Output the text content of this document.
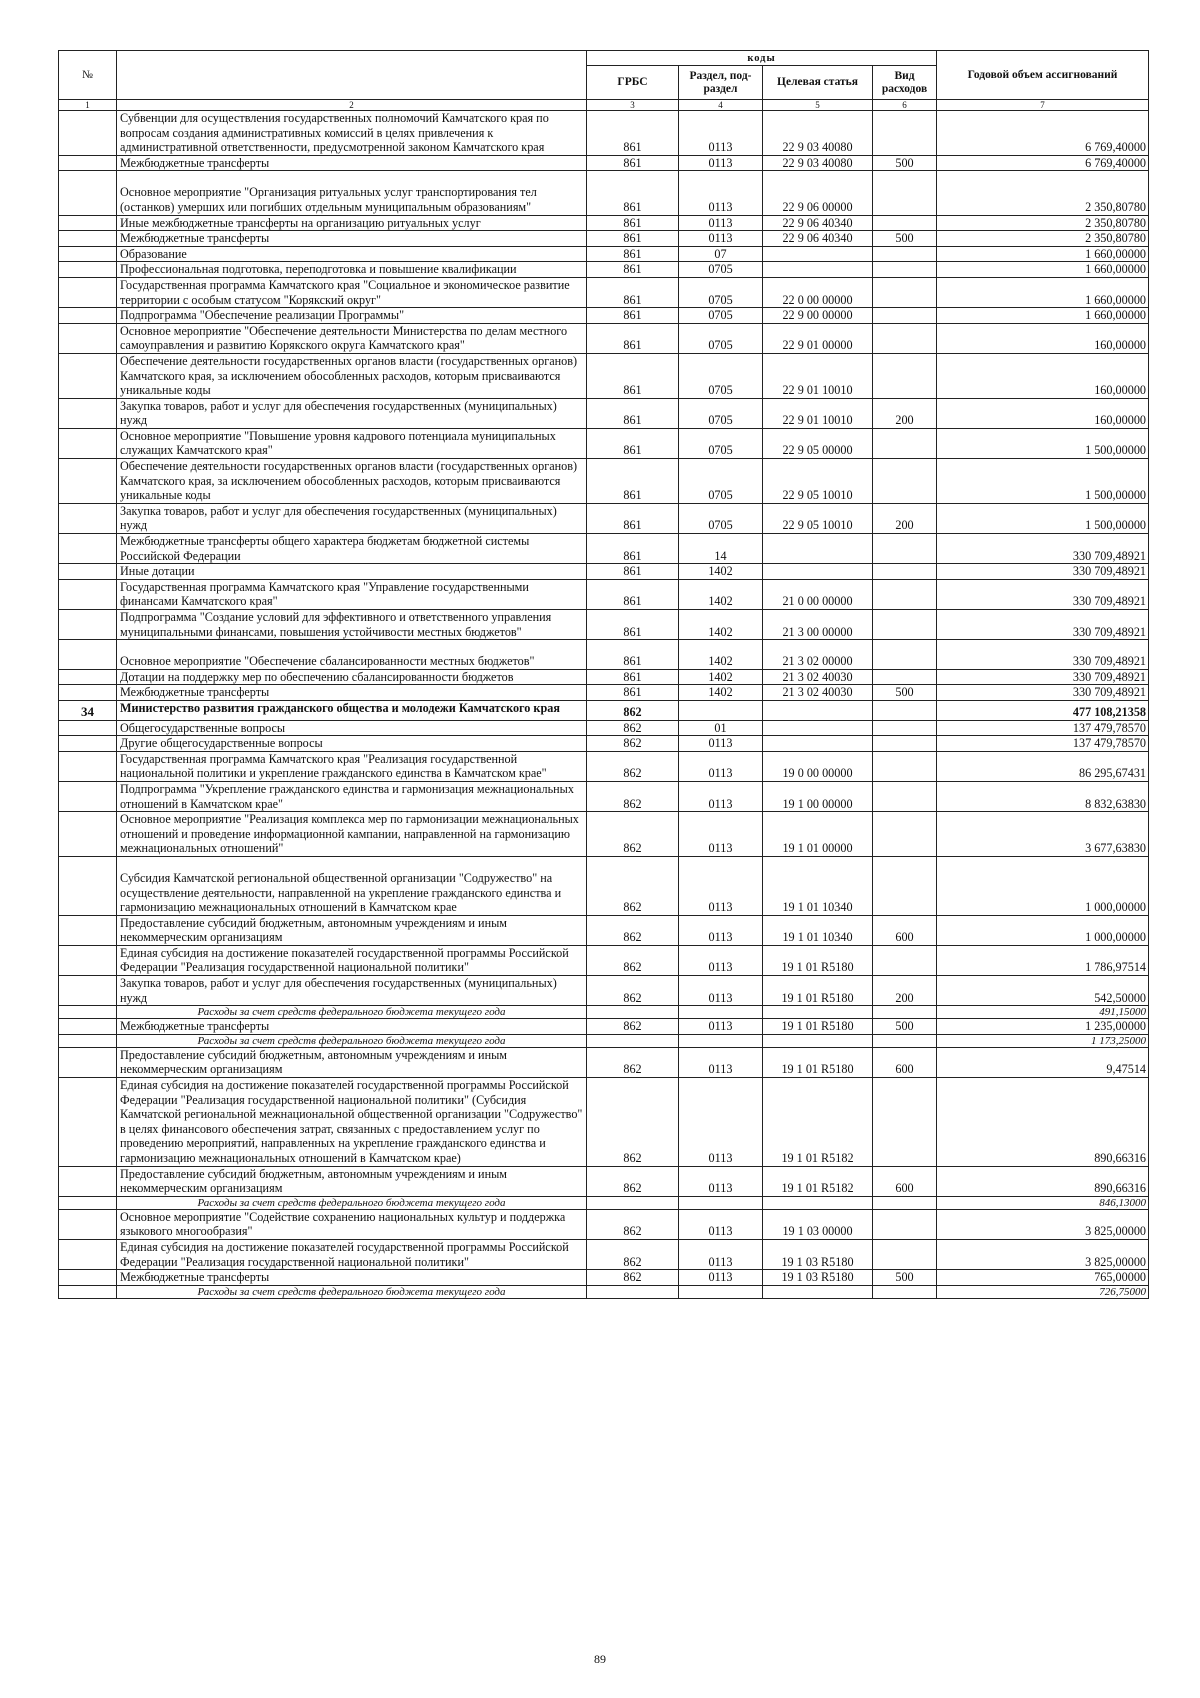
№		коды				Годовой объем ассигнований
		ГРБС	Раздел, под-раздел	Целевая статья	Вид расходов	
1	2	3	4	5	6	7
	Субвенции для осуществления государственных полномочий Камчатского края по вопросам создания административных комиссий в целях привлечения к административной ответственности, предусмотренной законом Камчатского края	861	0113	22 9 03 40080		6 769,40000
	Межбюджетные трансферты	861	0113	22 9 03 40080	500	6 769,40000
	Основное мероприятие "Организация ритуальных услуг транспортирования тел (останков) умерших или погибших отдельным муниципальным образованиям"	861	0113	22 9 06 00000		2 350,80780
	Иные межбюджетные трансферты на организацию ритуальных услуг	861	0113	22 9 06 40340		2 350,80780
	Межбюджетные трансферты	861	0113	22 9 06 40340	500	2 350,80780
	Образование	861	07			1 660,00000
	Профессиональная подготовка, переподготовка и повышение квалификации	861	0705			1 660,00000
	Государственная программа Камчатского края "Социальное и экономическое развитие территории с особым статусом "Корякский округ"	861	0705	22 0 00 00000		1 660,00000
	Подпрограмма "Обеспечение реализации Программы"	861	0705	22 9 00 00000		1 660,00000
	Основное мероприятие "Обеспечение деятельности Министерства по делам местного самоуправления и развитию Корякского округа Камчатского края"	861	0705	22 9 01 00000		160,00000
	Обеспечение деятельности государственных органов власти (государственных органов) Камчатского края, за исключением обособленных расходов, которым присваиваются уникальные коды	861	0705	22 9 01 10010		160,00000
	Закупка товаров, работ и услуг для обеспечения государственных (муниципальных) нужд	861	0705	22 9 01 10010	200	160,00000
	Основное мероприятие "Повышение уровня кадрового потенциала муниципальных служащих Камчатского края"	861	0705	22 9 05 00000		1 500,00000
	Обеспечение деятельности государственных органов власти (государственных органов) Камчатского края, за исключением обособленных расходов, которым присваиваются уникальные коды	861	0705	22 9 05 10010		1 500,00000
	Закупка товаров, работ и услуг для обеспечения государственных (муниципальных) нужд	861	0705	22 9 05 10010	200	1 500,00000
	Межбюджетные трансферты общего характера бюджетам бюджетной системы Российской Федерации	861	14			330 709,48921
	Иные дотации	861	1402			330 709,48921
	Государственная программа Камчатского края "Управление государственными финансами Камчатского края"	861	1402	21 0 00 00000		330 709,48921
	Подпрограмма "Создание условий для эффективного и ответственного управления муниципальными финансами, повышения устойчивости местных бюджетов"	861	1402	21 3 00 00000		330 709,48921
	Основное мероприятие "Обеспечение сбалансированности местных бюджетов"	861	1402	21 3 02 00000		330 709,48921
	Дотации на поддержку мер по обеспечению сбалансированности бюджетов	861	1402	21 3 02 40030		330 709,48921
	Межбюджетные трансферты	861	1402	21 3 02 40030	500	330 709,48921
34	Министерство развития гражданского общества и молодежи Камчатского края	862				477 108,21358
	Общегосударственные вопросы	862	01			137 479,78570
	Другие общегосударственные вопросы	862	0113			137 479,78570
	Государственная программа Камчатского края "Реализация государственной национальной политики и укрепление гражданского единства в Камчатском крае"	862	0113	19 0 00 00000		86 295,67431
	Подпрограмма "Укрепление гражданского единства и гармонизация межнациональных отношений в Камчатском крае"	862	0113	19 1 00 00000		8 832,63830
	Основное мероприятие "Реализация комплекса мер по гармонизации межнациональных отношений и проведение информационной кампании, направленной на гармонизацию межнациональных отношений"	862	0113	19 1 01 00000		3 677,63830
	Субсидия Камчатской региональной общественной организации "Содружество" на осуществление деятельности, направленной на укрепление гражданского единства и гармонизацию межнациональных отношений в Камчатском крае	862	0113	19 1 01 10340		1 000,00000
	Предоставление субсидий бюджетным, автономным учреждениям и иным некоммерческим организациям	862	0113	19 1 01 10340	600	1 000,00000
	Единая субсидия на достижение показателей государственной программы Российской Федерации "Реализация государственной национальной политики"	862	0113	19 1 01 R5180		1 786,97514
	Закупка товаров, работ и услуг для обеспечения государственных (муниципальных) нужд	862	0113	19 1 01 R5180	200	542,50000
	Расходы за счет средств федерального бюджета текущего года					491,15000
	Межбюджетные трансферты	862	0113	19 1 01 R5180	500	1 235,00000
	Расходы за счет средств федерального бюджета текущего года					1 173,25000
	Предоставление субсидий бюджетным, автономным учреждениям и иным некоммерческим организациям	862	0113	19 1 01 R5180	600	9,47514
	Единая субсидия на достижение показателей государственной программы Российской Федерации "Реализация государственной национальной политики" (Субсидия Камчатской региональной межнациональной общественной организации "Содружество" в целях финансового обеспечения затрат, связанных с предоставлением услуг по проведению мероприятий, направленных на укрепление гражданского единства и гармонизацию межнациональных отношений в Камчатском крае)	862	0113	19 1 01 R5182		890,66316
	Предоставление субсидий бюджетным, автономным учреждениям и иным некоммерческим организациям	862	0113	19 1 01 R5182	600	890,66316
	Расходы за счет средств федерального бюджета текущего года					846,13000
	Основное мероприятие "Содействие сохранению национальных культур и поддержка языкового многообразия"	862	0113	19 1 03 00000		3 825,00000
	Единая субсидия на достижение показателей государственной программы Российской Федерации "Реализация государственной национальной политики"	862	0113	19 1 03 R5180		3 825,00000
	Межбюджетные трансферты	862	0113	19 1 03 R5180	500	765,00000
	Расходы за счет средств федерального бюджета текущего года					726,75000
89
